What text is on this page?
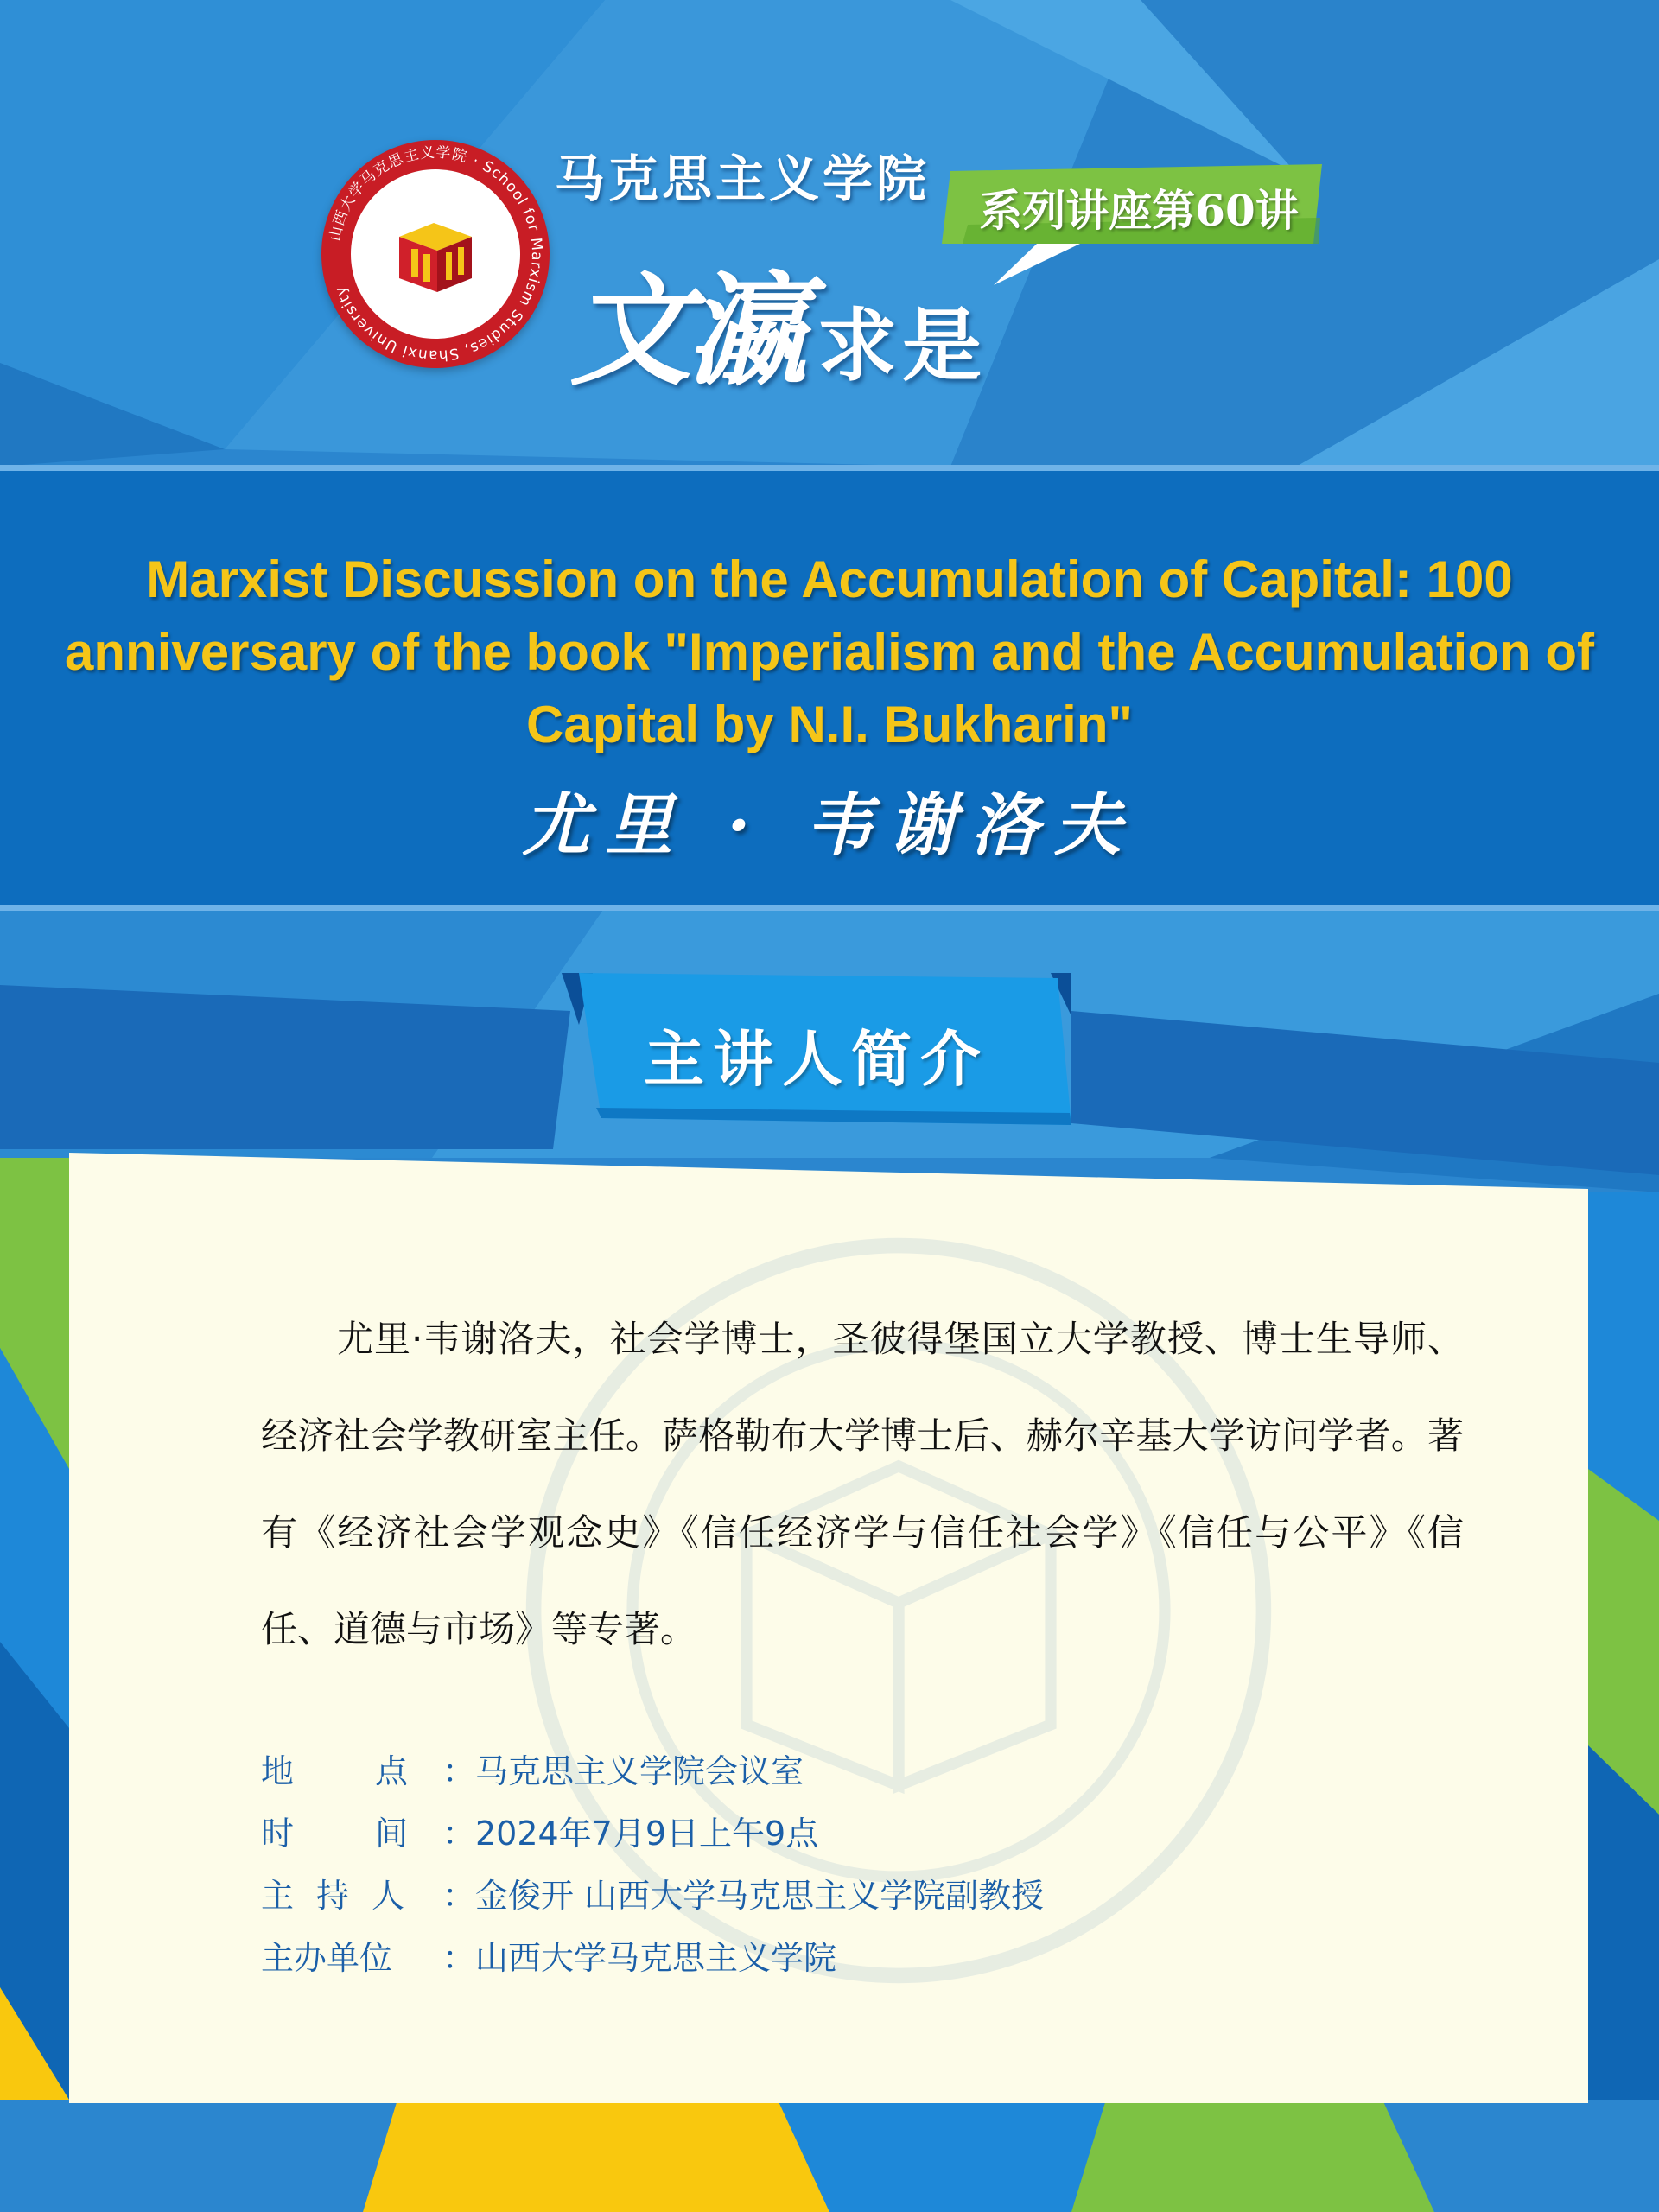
山西大学马克思主义学院 · School for Marxism Studies, Shanxi University
马克思主义学院
系列讲座第60讲
文瀛 求是
Marxist Discussion on the Accumulation of Capital: 100 anniversary of the book "Imperialism and the Accumulation of Capital by N.I. Bukharin"
尤里 · 韦谢洛夫
主讲人简介
尤里·韦谢洛夫，社会学博士，圣彼得堡国立大学教授、博士生导师、经济社会学教研室主任。萨格勒布大学博士后、赫尔辛基大学访问学者。著有《经济社会学观念史》《信任经济学与信任社会学》《信任与公平》《信任、道德与市场》等专著。
地点：马克思主义学院会议室
时间：2024年7月9日上午9点
主持人 ：金俊开 山西大学马克思主义学院副教授
主办单位 ：山西大学马克思主义学院
